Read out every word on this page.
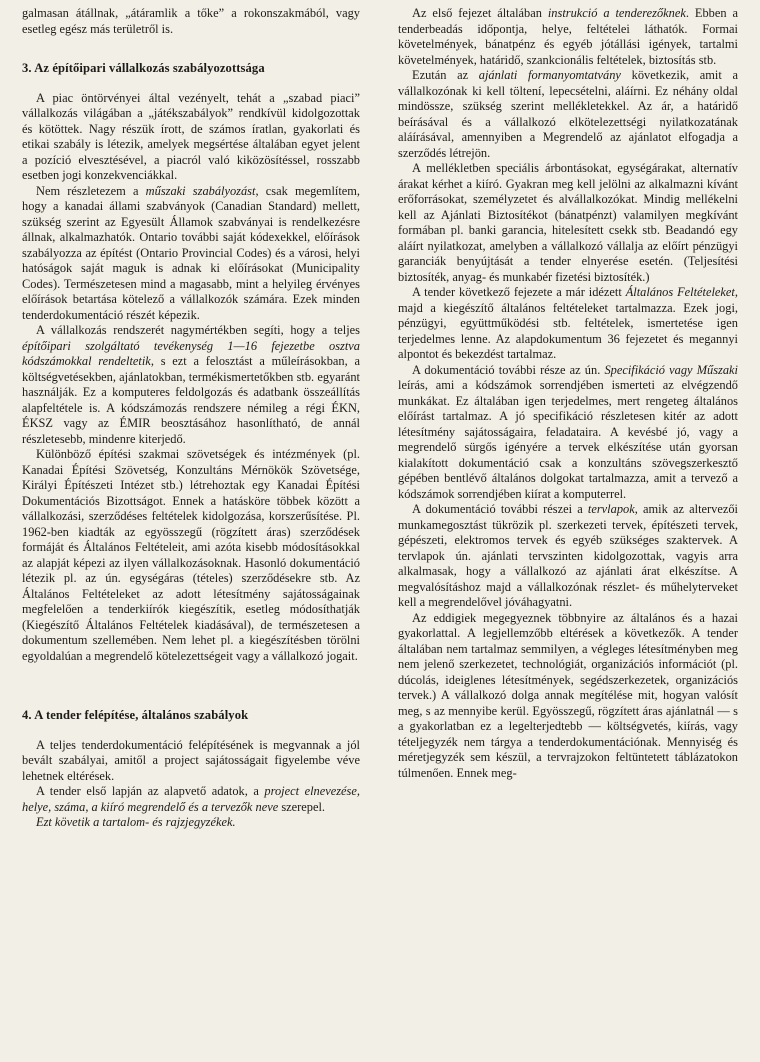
galmasan átállnak, „átáramlik a tőke” a rokonszakmából, vagy esetleg egész más területről is.

3. Az építőipari vállalkozás szabályozottsága

A piac öntörvényei által vezényelt, tehát a „szabad piaci” vállalkozás világában a „játékszabályok” rendkívül kidolgozottak és kötöttek. Nagy részük írott, de számos íratlan, gyakorlati és etikai szabály is létezik, amelyek megsértése általában egyet jelent a pozíció elvesztésével, a piacról való kiközösítéssel, rosszabb esetben jogi konzekvenciákkal.

Nem részletezem a műszaki szabályozást, csak megemlítem, hogy a kanadai állami szabványok (Canadian Standard) mellett, szükség szerint az Egyesült Államok szabványai is rendelkezésre állnak, alkalmazhatók. Ontario további saját kódexekkel, előírások szabályozza az építést (Ontario Provincial Codes) és a városi, helyi hatóságok saját maguk is adnak ki előírásokat (Municipality Codes). Természetesen mind a magasabb, mint a helyileg érvényes előírások betartása kötelező a vállalkozók számára. Ezek minden tenderdokumentáció részét képezik.

A vállalkozás rendszerét nagymértékben segíti, hogy a teljes építőipari szolgáltató tevékenység 1—16 fejezetbe osztva kódszámokkal rendeltetik, s ezt a felosztást a műleírásokban, a költségvetésekben, ajánlatokban, termékismertetőkben stb. egyaránt használják. Ez a komputeres feldolgozás és adatbank összeállítás alapfeltétele is. A kódszámozás rendszere némileg a régi ÉKN, ÉKSZ vagy az ÉMIR beosztásához hasonlítható, de annál részletesebb, mindenre kiterjedő.

Különböző építési szakmai szövetségek és intézmények (pl. Kanadai Építési Szövetség, Konzultáns Mérnökök Szövetsége, Királyi Építészeti Intézet stb.) létrehoztak egy Kanadai Építési Dokumentációs Bizottságot. Ennek a hatásköre többek között a vállalkozási, szerződéses feltételek kidolgozása, korszerűsítése. Pl. 1962-ben kiadták az egyösszegű (rögzített áras) szerződések formáját és Általános Feltételeit, ami azóta kisebb módosításokkal az alapját képezi az ilyen vállalkozásoknak. Hasonló dokumentáció létezik pl. az ún. egységáras (tételes) szerződésekre stb. Az Általános Feltételeket az adott létesítmény sajátosságainak megfelelően a tenderkiírók kiegészítik, esetleg módosíthatják (Kiegészítő Általános Feltételek kiadásával), de természetesen a dokumentum szellemében. Nem lehet pl. a kiegészítésben törölni egyoldalúan a megrendelő kötelezettségeit vagy a vállalkozó jogait.

4. A tender felépítése, általános szabályok

A teljes tenderdokumentáció felépítésének is megvannak a jól bevált szabályai, amitől a project sajátosságait figyelembe véve lehetnek eltérések.

A tender első lapján az alapvető adatok, a project elnevezése, helye, száma, a kiíró megrendelő és a tervezők neve szerepel.

Ezt követik a tartalom- és rajzjegyzékek.

Az első fejezet általában instrukció a tenderezőknek. Ebben a tenderbeadás időpontja, helye, feltételei láthatók. Formai követelmények, bánatpénz és egyéb jótállási igények, tartalmi követelmények, határidő, szankcionális feltételek, biztosítás stb.

Ezután az ajánlati formanyomtatvány következik, amit a vállalkozónak ki kell töltení, lepecsételni, aláírni. Ez néhány oldal mindössze, szükség szerint mellékletekkel. Az ár, a határidő beírásával és a vállalkozó elkötelezettségi nyilatkozatának aláírásával, amennyiben a Megrendelő az ajánlatot elfogadja a szerződés létrejön.

A mellékletben speciális árbontásokat, egységárakat, alternatív árakat kérhet a kiíró. Gyakran meg kell jelölni az alkalmazni kívánt erőforrásokat, személyzetet és alvállalkozókat. Mindig mellékelni kell az Ajánlati Biztosítékot (bánatpénzt) valamilyen megkívánt formában pl. banki garancia, hitelesített csekk stb. Beadandó egy aláírt nyilatkozat, amelyben a vállalkozó vállalja az előírt pénzügyi garanciák benyújtását a tender elnyerése esetén. (Teljesítési biztosíték, anyag- és munkabér fizetési biztosíték.)

A tender következő fejezete a már idézett Általános Feltételeket, majd a kiegészítő általános feltételeket tartalmazza. Ezek jogi, pénzügyi, együttműködési stb. feltételek, ismertetése igen terjedelmes lenne. Az alapdokumentum 36 fejezetet és megannyi alpontot és bekezdést tartalmaz.

A dokumentáció további része az ún. Specifikáció vagy Műszaki leírás, ami a kódszámok sorrendjében ismerteti az elvégzendő munkákat. Ez általában igen terjedelmes, mert rengeteg általános előírást tartalmaz. A jó specifikáció részletesen kitér az adott létesítmény sajátosságaira, feladataira. A kevésbé jó, vagy a megrendelő sürgős igényére a tervek elkészítése után gyorsan kialakított dokumentáció csak a konzultáns szövegszerkesztő gépében bentlévő általános dolgokat tartalmazza, amit a tervező a kódszámok sorrendjében kiírat a komputerrel.

A dokumentáció további részei a tervlapok, amik az altervezői munkamegosztást tükrözik pl. szerkezeti tervek, építészeti tervek, gépészeti, elektromos tervek és egyéb szükséges szaktervek. A tervlapok ún. ajánlati tervszinten kidolgozottak, vagyis arra alkalmasak, hogy a vállalkozó az ajánlati árat elkészítse. A megvalósításhoz majd a vállalkozónak részlet- és műhelyterveket kell a megrendelővel jóváhagyatni.

Az eddigiek megegyeznek többnyire az általános és a hazai gyakorlattal. A legjellemzőbb eltérések a következők. A tender általában nem tartalmaz semmilyen, a végleges létesítményben meg nem jelenő szerkezetet, technológiát, organizációs információt (pl. dúcolás, ideiglenes létesítmények, segédszerkezetek, organizációs tervek.) A vállalkozó dolga annak megítélése mit, hogyan valósít meg, s az mennyibe kerül. Egyösszegű, rögzített áras ajánlatnál — s a gyakorlatban ez a legelterjedtebb — költségvetés, kiírás, vagy tételjegyzék nem tárgya a tenderdokumentációnak. Mennyiség és méretjegyzék sem készül, a tervrajzokon feltüntetett táblázatokon túlmenően. Ennek meg-
